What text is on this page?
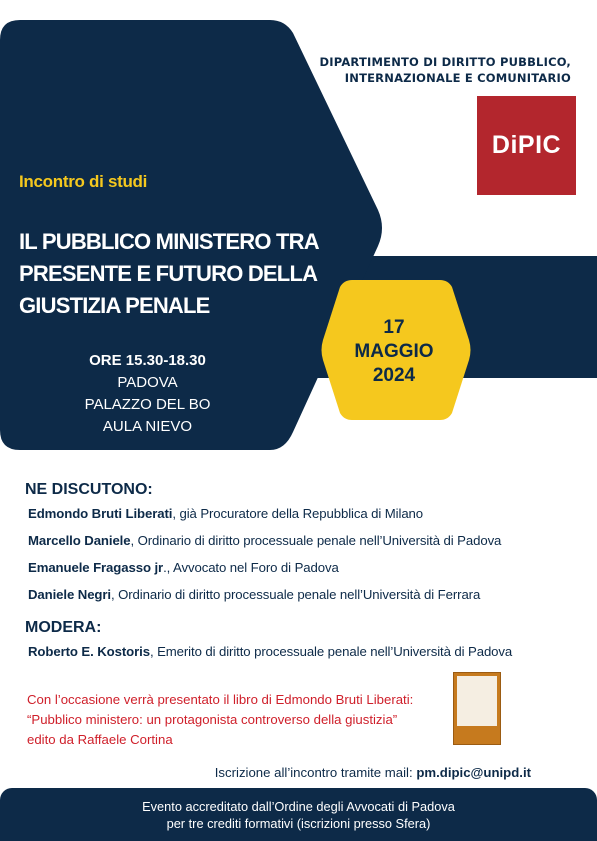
DIPARTIMENTO DI DIRITTO PUBBLICO,
INTERNAZIONALE E COMUNITARIO
DiPIC
Incontro di studi
IL PUBBLICO MINISTERO TRA
PRESENTE E FUTURO DELLA
GIUSTIZIA PENALE
ORE 15.30-18.30
PADOVA
PALAZZO DEL BO
AULA NIEVO
17
MAGGIO
2024
NE DISCUTONO:
Edmondo Bruti Liberati, già Procuratore della Repubblica di Milano
Marcello Daniele, Ordinario di diritto processuale penale nell’Università di Padova
Emanuele Fragasso jr., Avvocato nel Foro di Padova
Daniele Negri, Ordinario di diritto processuale penale nell’Università di Ferrara
MODERA:
Roberto E. Kostoris, Emerito di diritto processuale penale nell’Università di Padova
Con l’occasione verrà presentato il libro di Edmondo Bruti Liberati:
“Pubblico ministero: un protagonista controverso della giustizia”
edito da Raffaele Cortina
Iscrizione all’incontro tramite mail: pm.dipic@unipd.it
Evento accreditato dall’Ordine degli Avvocati di Padova
per tre crediti formativi (iscrizioni presso Sfera)
